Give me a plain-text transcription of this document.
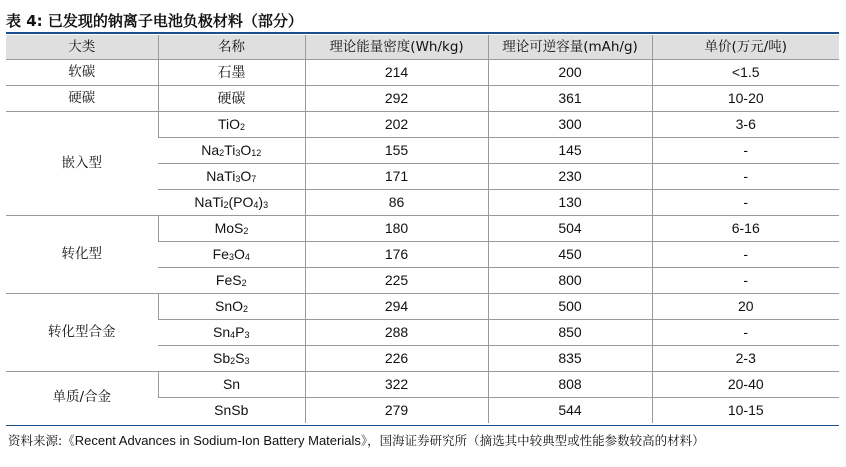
表 4: 已发现的钠离子电池负极材料（部分）
大类	名称	理论能量密度(Wh/kg)	理论可逆容量(mAh/g)	单价(万元/吨)
软碳	石墨	214	200	<1.5
硬碳	硬碳	292	361	10-20
嵌入型	TiO$_2$	202	300	3-6
	$Na_2Ti_3O_{12}$	155	145	-
	$NaTi_3O_7$	171	230	-
	$NaTi_2(PO_4)_3$	86	130	-
转化型	MoS$_2$	180	504	6-16
	$Fe_3O_4$	176	450	-
	FeS$_2$	225	800	-
转化型合金	SnO$_2$	294	500	20
	$Sn_4P_3$	288	850	-
	$Sb_2S_3$	226	835	2-3
单质/合金	Sn	322	808	20-40
	SnSb	279	544	10-15
资料来源:《Recent Advances in Sodium-Ion Battery Materials》，国海证券研究所（摘选其中较典型或性能参数较高的材料）
